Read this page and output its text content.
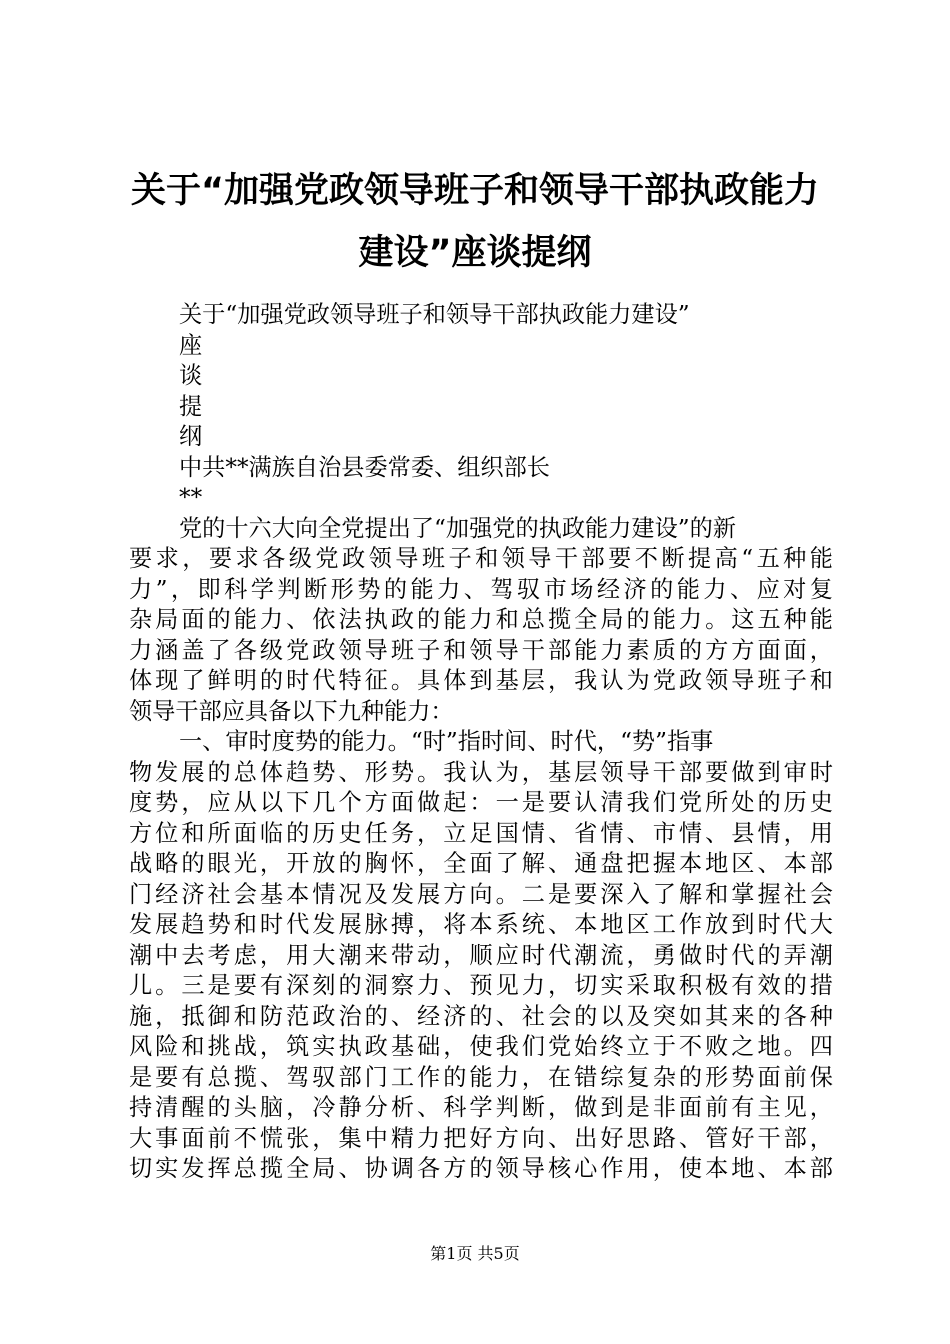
关于“加强党政领导班子和领导干部执政能力
建设”座谈提纲
关于“加强党政领导班子和领导干部执政能力建设”
座
谈
提
纲
中共**满族自治县委常委、组织部长
**
党的十六大向全党提出了“加强党的执政能力建设”的新
要求，要求各级党政领导班子和领导干部要不断提高“五种能
力”，即科学判断形势的能力、驾驭市场经济的能力、应对复
杂局面的能力、依法执政的能力和总揽全局的能力。这五种能
力涵盖了各级党政领导班子和领导干部能力素质的方方面面，
体现了鲜明的时代特征。具体到基层，我认为党政领导班子和
领导干部应具备以下九种能力：
一、审时度势的能力。“时”指时间、时代，“势”指事
物发展的总体趋势、形势。我认为，基层领导干部要做到审时
度势，应从以下几个方面做起：一是要认清我们党所处的历史
方位和所面临的历史任务，立足国情、省情、市情、县情，用
战略的眼光，开放的胸怀，全面了解、通盘把握本地区、本部
门经济社会基本情况及发展方向。二是要深入了解和掌握社会
发展趋势和时代发展脉搏，将本系统、本地区工作放到时代大
潮中去考虑，用大潮来带动，顺应时代潮流，勇做时代的弄潮
儿。三是要有深刻的洞察力、预见力，切实采取积极有效的措
施，抵御和防范政治的、经济的、社会的以及突如其来的各种
风险和挑战，筑实执政基础，使我们党始终立于不败之地。四
是要有总揽、驾驭部门工作的能力，在错综复杂的形势面前保
持清醒的头脑，冷静分析、科学判断，做到是非面前有主见，
大事面前不慌张，集中精力把好方向、出好思路、管好干部，
切实发挥总揽全局、协调各方的领导核心作用，使本地、本部
第1页 共5页
